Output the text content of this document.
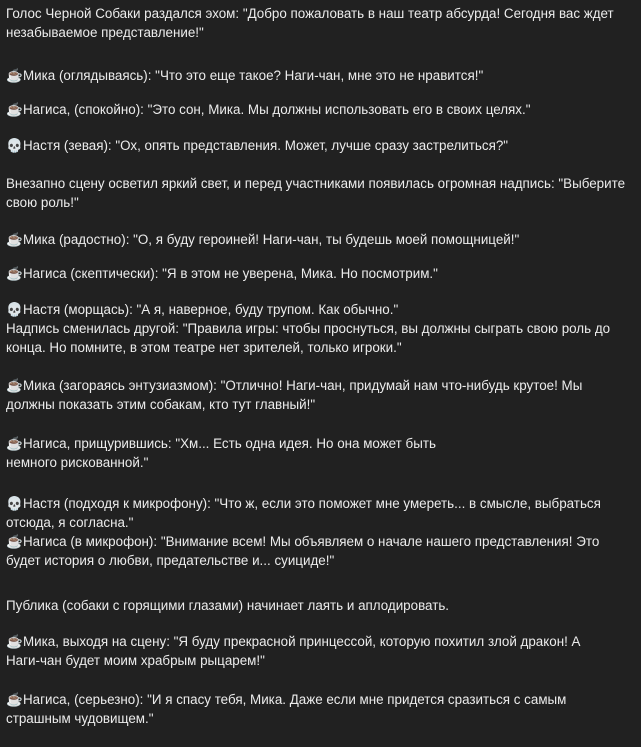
Голос Черной Собаки раздался эхом: "Добро пожаловать в наш театр абсурда! Сегодня вас ждет незабываемое представление!"

☕Мика (оглядываясь): "Что это еще такое? Наги-чан, мне это не нравится!"

☕Нагиса, (спокойно): "Это сон, Мика. Мы должны использовать его в своих целях."

💀Настя (зевая): "Ох, опять представления. Может, лучше сразу застрелиться?"

Внезапно сцену осветил яркий свет, и перед участниками появилась огромная надпись: "Выберите свою роль!"

☕Мика (радостно): "О, я буду героиней! Наги-чан, ты будешь моей помощницей!"

☕Нагиса (скептически): "Я в этом не уверена, Мика. Но посмотрим."

💀Настя (морщась): "А я, наверное, буду трупом. Как обычно."

Надпись сменилась другой: "Правила игры: чтобы проснуться, вы должны сыграть свою роль до конца. Но помните, в этом театре нет зрителей, только игроки."

☕Мика (загораясь энтузиазмом): "Отлично! Наги-чан, придумай нам что-нибудь крутое! Мы должны показать этим собакам, кто тут главный!"

☕Нагиса, прищурившись: "Хм... Есть одна идея. Но она может быть

немного рискованной."

💀Настя (подходя к микрофону): "Что ж, если это поможет мне умереть... в смысле, выбраться отсюда, я согласна."

☕Нагиса (в микрофон): "Внимание всем! Мы объявляем о начале нашего представления! Это будет история о любви, предательстве и... суициде!"

Публика (собаки с горящими глазами) начинает лаять и аплодировать.

☕Мика, выходя на сцену: "Я буду прекрасной принцессой, которую похитил злой дракон! А Наги-чан будет моим храбрым рыцарем!"

☕Нагиса, (серьезно): "И я спасу тебя, Мика. Даже если мне придется сразиться с самым страшным чудовищем."
